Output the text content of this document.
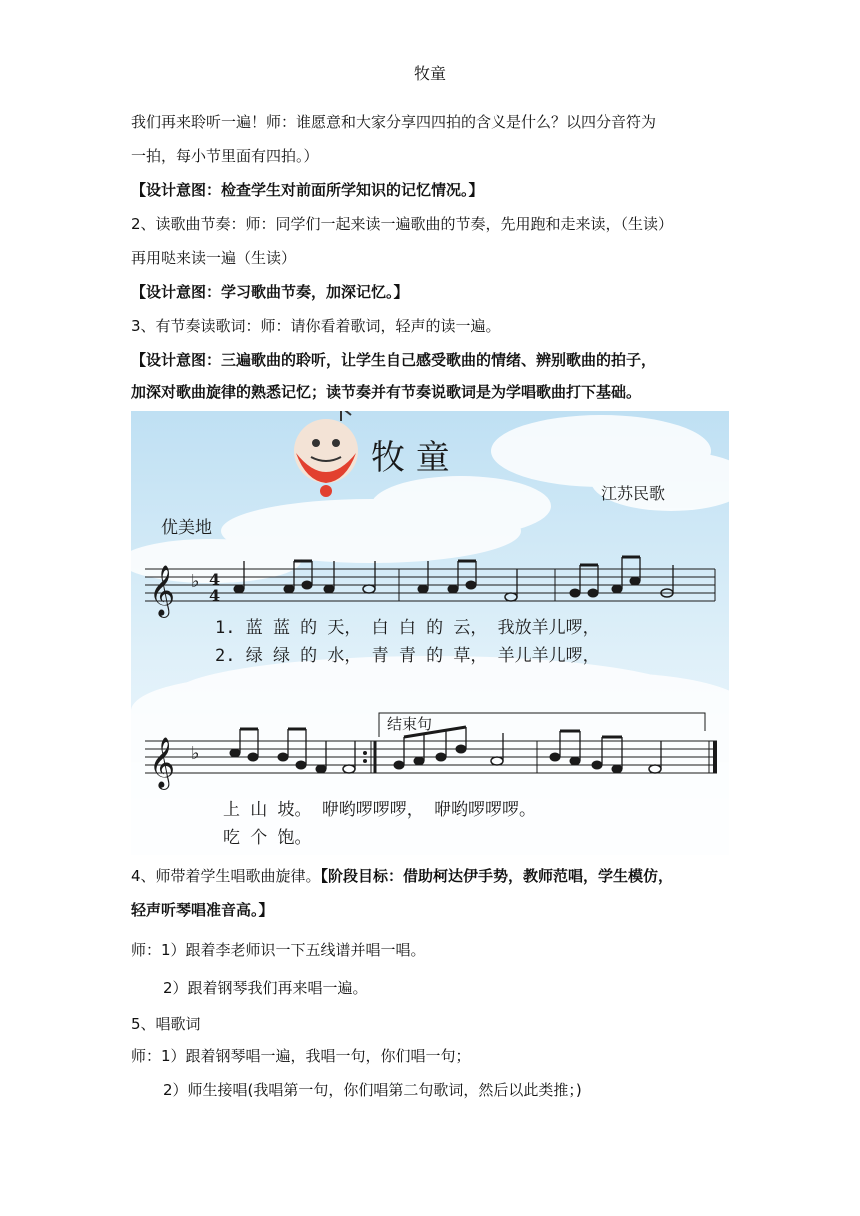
牧童
我们再来聆听一遍！师：谁愿意和大家分享四四拍的含义是什么？以四分音符为
一拍，每小节里面有四拍。）
【设计意图：检查学生对前面所学知识的记忆情况。】
2、读歌曲节奏：师：同学们一起来读一遍歌曲的节奏，先用跑和走来读，（生读）
再用哒来读一遍（生读）
【设计意图：学习歌曲节奏，加深记忆。】
3、有节奏读歌词：师：请你看着歌词，轻声的读一遍。
【设计意图：三遍歌曲的聆听，让学生自己感受歌曲的情绪、辨别歌曲的拍子，
加深对歌曲旋律的熟悉记忆；读节奏并有节奏说歌词是为学唱歌曲打下基础。
牧 童
江苏民歌
优美地
𝄞 ♭ 4
4
1. 蓝 蓝 的 天， 白 白 的 云， 我放羊儿啰，
2. 绿 绿 的 水， 青 青 的 草， 羊儿羊儿啰，
结束句
𝄞 ♭
上 山 坡。 咿哟啰啰啰， 咿哟啰啰啰。
吃 个 饱。
4、师带着学生唱歌曲旋律。【阶段目标：借助柯达伊手势，教师范唱，学生模仿，
轻声听琴唱准音高。】
师：1）跟着李老师识一下五线谱并唱一唱。
2）跟着钢琴我们再来唱一遍。
5、唱歌词
师：1）跟着钢琴唱一遍，我唱一句，你们唱一句；
2）师生接唱(我唱第一句，你们唱第二句歌词，然后以此类推；)
